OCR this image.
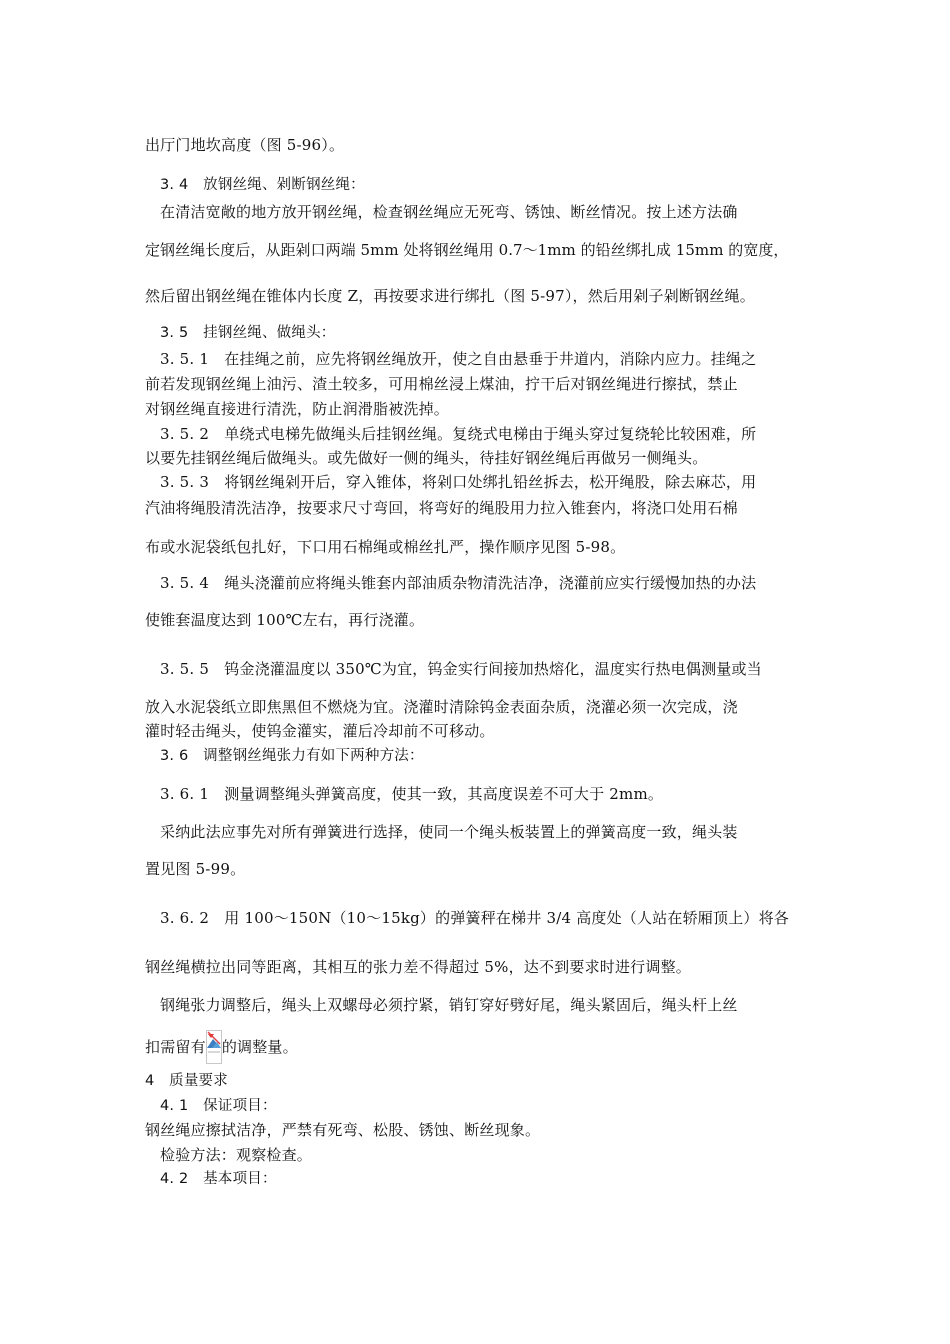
出厅门地坎高度（图 5-96）。
3. 4　放钢丝绳、剁断钢丝绳：
在清洁宽敞的地方放开钢丝绳，检查钢丝绳应无死弯、锈蚀、断丝情况。按上述方法确
定钢丝绳长度后，从距剁口两端 5mm 处将钢丝绳用 0.7～1mm 的铅丝绑扎成 15mm 的宽度，
然后留出钢丝绳在锥体内长度 Z，再按要求进行绑扎（图 5-97），然后用剁子剁断钢丝绳。
3. 5　挂钢丝绳、做绳头：
3. 5. 1　在挂绳之前，应先将钢丝绳放开，使之自由悬垂于井道内，消除内应力。挂绳之
前若发现钢丝绳上油污、渣土较多，可用棉丝浸上煤油，拧干后对钢丝绳进行擦拭，禁止
对钢丝绳直接进行清洗，防止润滑脂被洗掉。
3. 5. 2　单绕式电梯先做绳头后挂钢丝绳。复绕式电梯由于绳头穿过复绕轮比较困难，所
以要先挂钢丝绳后做绳头。或先做好一侧的绳头，待挂好钢丝绳后再做另一侧绳头。
3. 5. 3　将钢丝绳剁开后，穿入锥体，将剁口处绑扎铅丝拆去，松开绳股，除去麻芯，用
汽油将绳股清洗洁净，按要求尺寸弯回，将弯好的绳股用力拉入锥套内，将浇口处用石棉
布或水泥袋纸包扎好，下口用石棉绳或棉丝扎严，操作顺序见图 5-98。
3. 5. 4　绳头浇灌前应将绳头锥套内部油质杂物清洗洁净，浇灌前应实行缓慢加热的办法
使锥套温度达到 100℃左右，再行浇灌。
3. 5. 5　钨金浇灌温度以 350℃为宜，钨金实行间接加热熔化，温度实行热电偶测量或当
放入水泥袋纸立即焦黑但不燃烧为宜。浇灌时清除钨金表面杂质，浇灌必须一次完成，浇
灌时轻击绳头，使钨金灌实，灌后冷却前不可移动。
3. 6　调整钢丝绳张力有如下两种方法：
3. 6. 1　测量调整绳头弹簧高度，使其一致，其高度误差不可大于 2mm。
采纳此法应事先对所有弹簧进行选择，使同一个绳头板装置上的弹簧高度一致，绳头装
置见图 5-99。
3. 6. 2　用 100～150N（10～15kg）的弹簧秤在梯井 3/4 高度处（人站在轿厢顶上）将各
钢丝绳横拉出同等距离，其相互的张力差不得超过 5%，达不到要求时进行调整。
钢绳张力调整后，绳头上双螺母必须拧紧，销钉穿好劈好尾，绳头紧固后，绳头杆上丝
扣需留有 的调整量。
4　质量要求
4. 1　保证项目：
钢丝绳应擦拭洁净，严禁有死弯、松股、锈蚀、断丝现象。
检验方法：观察检查。
4. 2　基本项目：
